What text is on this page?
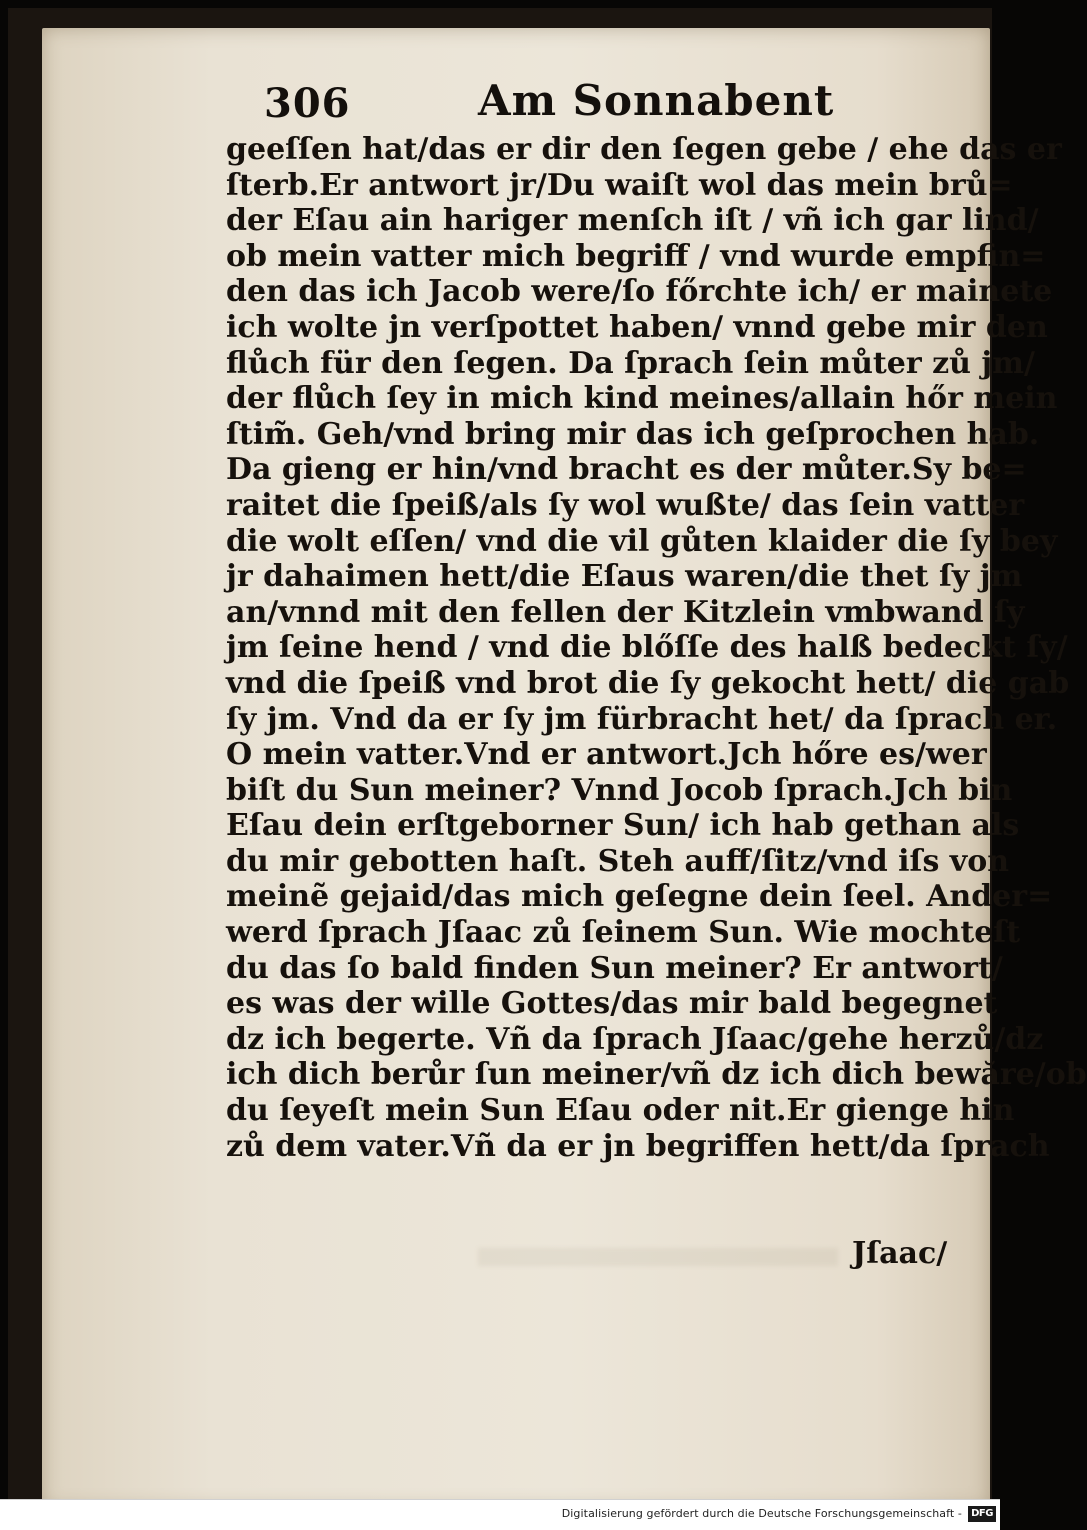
306	Am Sonnabent
geeſſen hat/das er dir den ſegen gebe / ehe das er
ſterb.Er antwort jr/Du waiſt wol das mein brů=
der Eſau ain hariger menſch iſt / vñ ich gar lind/
ob mein vatter mich begriff / vnd wurde empfin=
den das ich Jacob were/ſo főrchte ich/ er mainete
ich wolte jn verſpottet haben/ vnnd gebe mir den
flůch für den ſegen. Da ſprach ſein můter zů jm/
der flůch ſey in mich kind meines/allain hőr mein
ſtim̃. Geh/vnd bring mir das ich geſprochen hab.
Da gieng er hin/vnd bracht es der můter.Sy be=
raitet die ſpeiß/als ſy wol wußte/ das ſein vatter
die wolt eſſen/ vnd die vil gůten klaider die ſy bey
jr dahaimen hett/die Eſaus waren/die thet ſy jm
an/vnnd mit den fellen der Kitzlein vmbwand ſy
jm ſeine hend / vnd die blőſſe des halß bedeckt ſy/
vnd die ſpeiß vnd brot die ſy gekocht hett/ die gab
ſy jm. Vnd da er ſy jm fürbracht het/ da ſprach er.
O mein vatter.Vnd er antwort.Jch hőre es/wer
biſt du Sun meiner? Vnnd Jocob ſprach.Jch bin
Eſau dein erſtgeborner Sun/ ich hab gethan als
du mir gebotten haſt. Steh auff/ſitz/vnd iſs von
meinẽ gejaid/das mich geſegne dein ſeel. Ander=
werd ſprach Jſaac zů ſeinem Sun. Wie mochteſt
du das ſo bald finden Sun meiner? Er antwort/
es was der wille Gottes/das mir bald begegnet
dz ich begerte. Vñ da ſprach Jſaac/gehe herzů/dz
ich dich berůr ſun meiner/vñ dz ich dich bewăre/ob
du ſeyeſt mein Sun Eſau oder nit.Er gienge hin
zů dem vater.Vñ da er jn begriffen hett/da ſprach
Jſaac/
Digitalisierung gefördert durch die Deutsche Forschungsgemeinschaft - DFG
